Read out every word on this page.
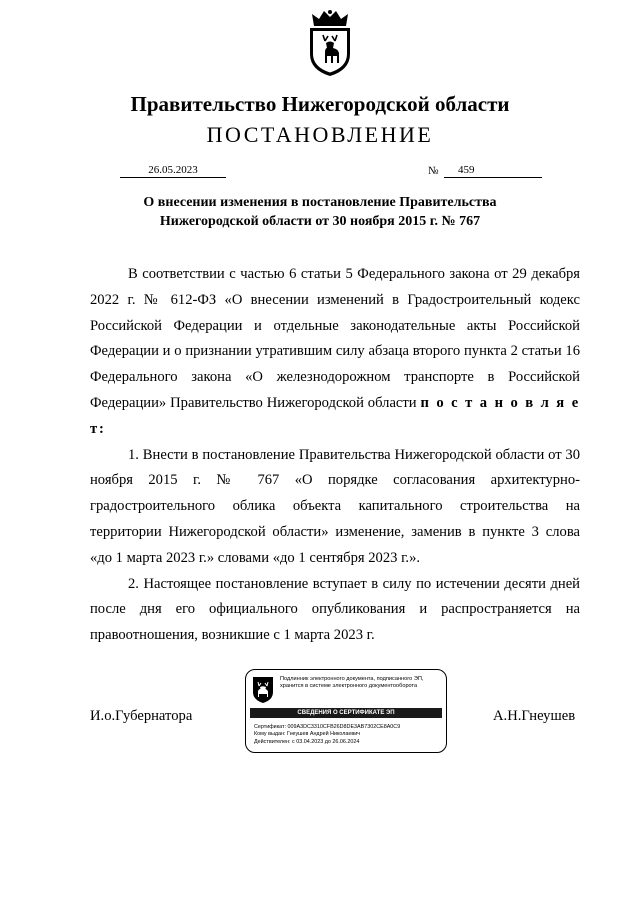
Правительство Нижегородской области
ПОСТАНОВЛЕНИЕ
26.05.2023	№	459
О внесении изменения в постановление Правительства
Нижегородской области от 30 ноября 2015 г. № 767

В соответствии с частью 6 статьи 5 Федерального закона от 29 декабря 2022 г. № 612-ФЗ «О внесении изменений в Градостроительный кодекс Российской Федерации и отдельные законодательные акты Российской Федерации и о признании утратившим силу абзаца второго пункта 2 статьи 16 Федерального закона «О железнодорожном транспорте в Российской Федерации» Правительство Нижегородской области п о с т а н о в л я е т:

1. Внести в постановление Правительства Нижегородской области от 30 ноября 2015 г. № 767 «О порядке согласования архитектурно-градостроительного облика объекта капитального строительства на территории Нижегородской области» изменение, заменив в пункте 3 слова «до 1 марта 2023 г.» словами «до 1 сентября 2023 г.».

2. Настоящее постановление вступает в силу по истечении десяти дней после дня его официального опубликования и распространяется на правоотношения, возникшие с 1 марта 2023 г.

И.о.Губернатора	А.Н.Гнеушев
Подлинник электронного документа, подписанного ЭП,
хранится в системе электронного документооборота
СВЕДЕНИЯ О СЕРТИФИКАТЕ ЭП
Сертификат: 009A3DC3310CFB26D8DE3AB7302CE8A0C9
Кому выдан: Гнеушев Андрей Николаевич
Действителен: с 03.04.2023 до 26.06.2024
